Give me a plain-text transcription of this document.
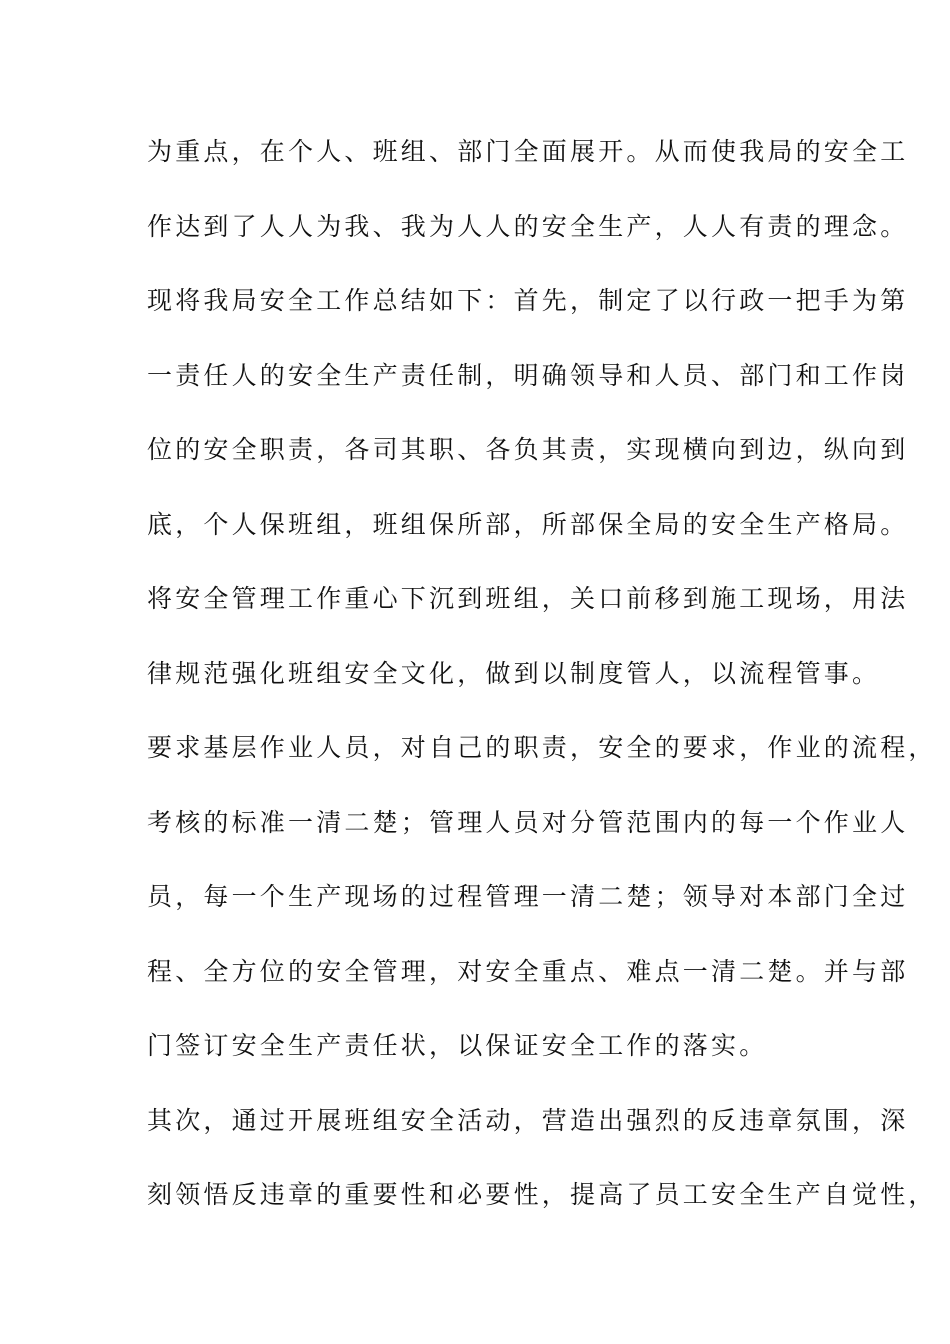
为重点，在个人、班组、部门全面展开。从而使我局的安全工
作达到了人人为我、我为人人的安全生产，人人有责的理念。
现将我局安全工作总结如下：首先，制定了以行政一把手为第
一责任人的安全生产责任制，明确领导和人员、部门和工作岗
位的安全职责，各司其职、各负其责，实现横向到边，纵向到
底，个人保班组，班组保所部，所部保全局的安全生产格局。
将安全管理工作重心下沉到班组，关口前移到施工现场，用法
律规范强化班组安全文化，做到以制度管人，以流程管事。
要求基层作业人员，对自己的职责，安全的要求，作业的流程，
考核的标准一清二楚；管理人员对分管范围内的每一个作业人
员，每一个生产现场的过程管理一清二楚；领导对本部门全过
程、全方位的安全管理，对安全重点、难点一清二楚。并与部
门签订安全生产责任状，以保证安全工作的落实。
其次，通过开展班组安全活动，营造出强烈的反违章氛围，深
刻领悟反违章的重要性和必要性，提高了员工安全生产自觉性，
